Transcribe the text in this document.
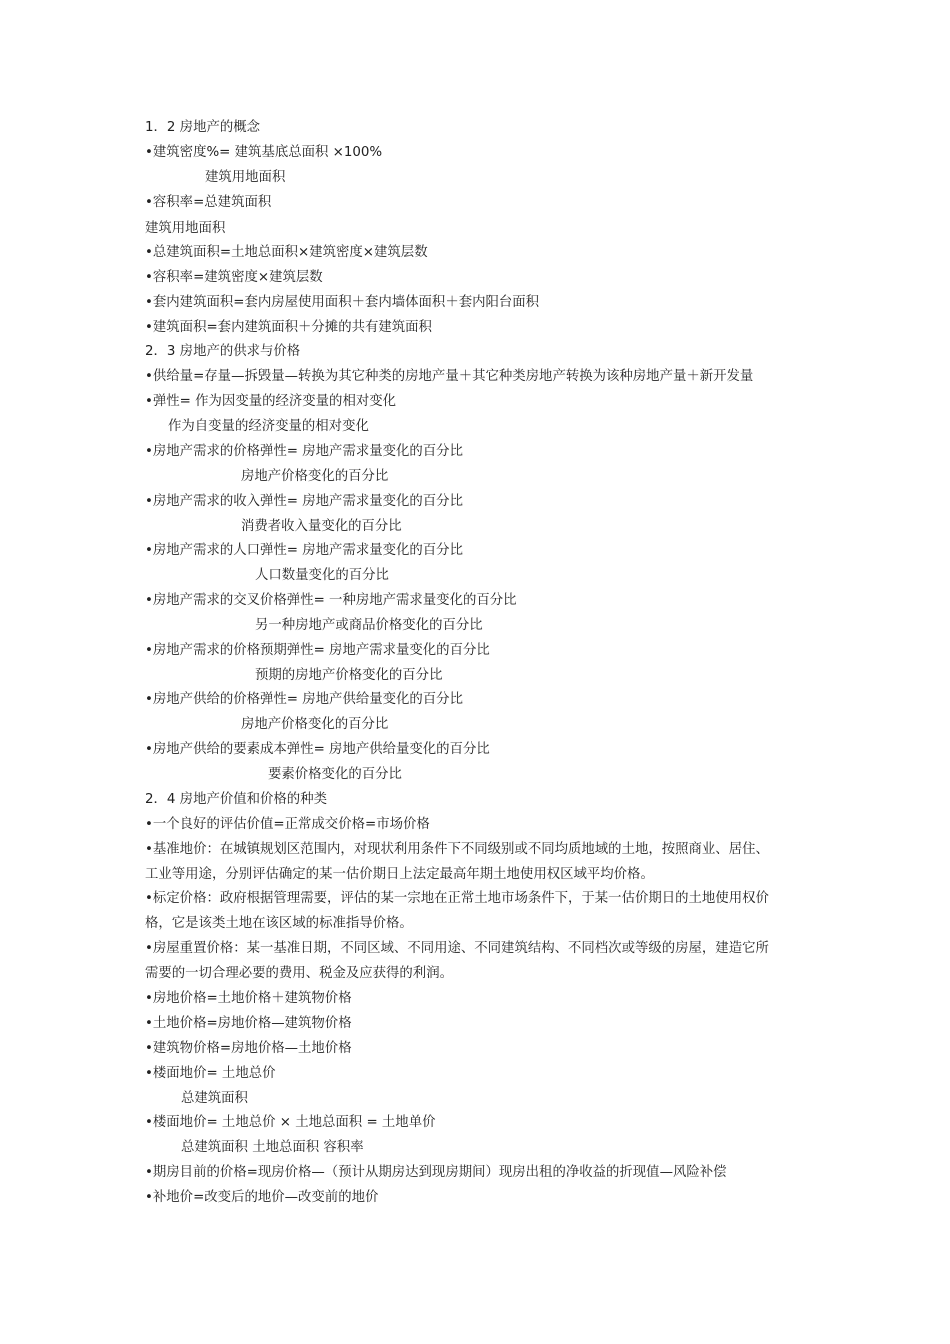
1．2 房地产的概念
•建筑密度%= 建筑基底总面积 ×100%
建筑用地面积
•容积率=总建筑面积
建筑用地面积
•总建筑面积=土地总面积×建筑密度×建筑层数
•容积率=建筑密度×建筑层数
•套内建筑面积=套内房屋使用面积＋套内墙体面积＋套内阳台面积
•建筑面积=套内建筑面积＋分摊的共有建筑面积
2．3 房地产的供求与价格
•供给量=存量—拆毁量—转换为其它种类的房地产量＋其它种类房地产转换为该种房地产量＋新开发量
•弹性= 作为因变量的经济变量的相对变化
作为自变量的经济变量的相对变化
•房地产需求的价格弹性= 房地产需求量变化的百分比
房地产价格变化的百分比
•房地产需求的收入弹性= 房地产需求量变化的百分比
消费者收入量变化的百分比
•房地产需求的人口弹性= 房地产需求量变化的百分比
人口数量变化的百分比
•房地产需求的交叉价格弹性= 一种房地产需求量变化的百分比
另一种房地产或商品价格变化的百分比
•房地产需求的价格预期弹性= 房地产需求量变化的百分比
预期的房地产价格变化的百分比
•房地产供给的价格弹性= 房地产供给量变化的百分比
房地产价格变化的百分比
•房地产供给的要素成本弹性= 房地产供给量变化的百分比
要素价格变化的百分比
2．4 房地产价值和价格的种类
•一个良好的评估价值=正常成交价格=市场价格
•基准地价：在城镇规划区范围内，对现状利用条件下不同级别或不同均质地域的土地，按照商业、居住、
工业等用途，分别评估确定的某一估价期日上法定最高年期土地使用权区域平均价格。
•标定价格：政府根据管理需要，评估的某一宗地在正常土地市场条件下，于某一估价期日的土地使用权价
格，它是该类土地在该区域的标准指导价格。
•房屋重置价格：某一基准日期，不同区域、不同用途、不同建筑结构、不同档次或等级的房屋，建造它所
需要的一切合理必要的费用、税金及应获得的利润。
•房地价格=土地价格＋建筑物价格
•土地价格=房地价格—建筑物价格
•建筑物价格=房地价格—土地价格
•楼面地价= 土地总价
总建筑面积
•楼面地价= 土地总价 × 土地总面积 = 土地单价
总建筑面积 土地总面积 容积率
•期房目前的价格=现房价格—（预计从期房达到现房期间）现房出租的净收益的折现值—风险补偿
•补地价=改变后的地价—改变前的地价
